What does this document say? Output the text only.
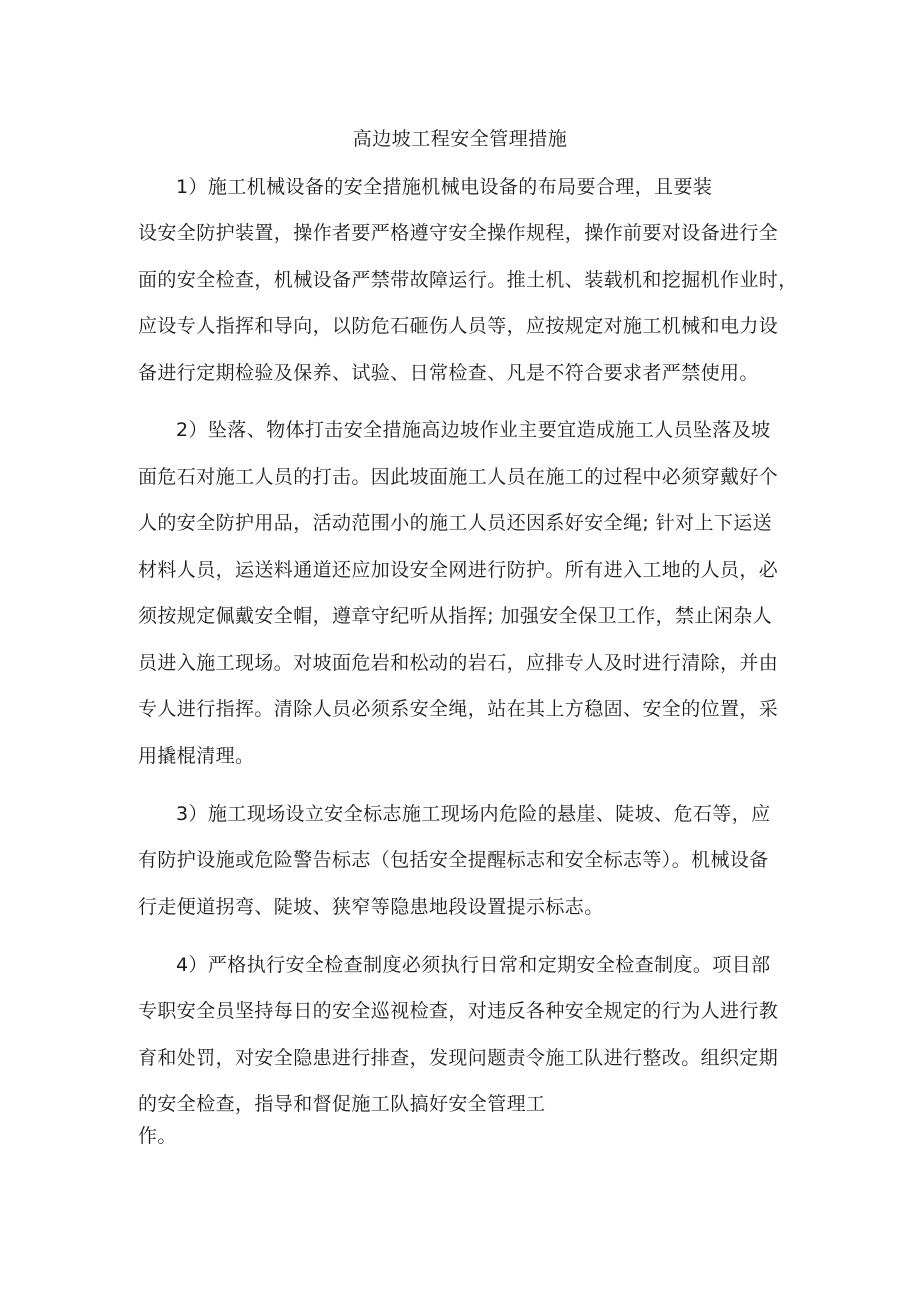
高边坡工程安全管理措施
1）施工机械设备的安全措施机械电设备的布局要合理，且要装
设安全防护装置，操作者要严格遵守安全操作规程，操作前要对设备进行全
面的安全检查，机械设备严禁带故障运行。推土机、装载机和挖掘机作业时，
应设专人指挥和导向，以防危石砸伤人员等，应按规定对施工机械和电力设
备进行定期检验及保养、试验、日常检查、凡是不符合要求者严禁使用。
2）坠落、物体打击安全措施高边坡作业主要宜造成施工人员坠落及坡
面危石对施工人员的打击。因此坡面施工人员在施工的过程中必须穿戴好个
人的安全防护用品，活动范围小的施工人员还因系好安全绳; 针对上下运送
材料人员，运送料通道还应加设安全网进行防护。所有进入工地的人员，必
须按规定佩戴安全帽，遵章守纪听从指挥; 加强安全保卫工作，禁止闲杂人
员进入施工现场。对坡面危岩和松动的岩石，应排专人及时进行清除，并由
专人进行指挥。清除人员必须系安全绳，站在其上方稳固、安全的位置，采
用撬棍清理。
3）施工现场设立安全标志施工现场内危险的悬崖、陡坡、危石等，应
有防护设施或危险警告标志（包括安全提醒标志和安全标志等）。机械设备
行走便道拐弯、陡坡、狭窄等隐患地段设置提示标志。
4）严格执行安全检查制度必须执行日常和定期安全检查制度。项目部
专职安全员坚持每日的安全巡视检查，对违反各种安全规定的行为人进行教
育和处罚，对安全隐患进行排查，发现问题责令施工队进行整改。组织定期
的安全检查，指导和督促施工队搞好安全管理工
作。
